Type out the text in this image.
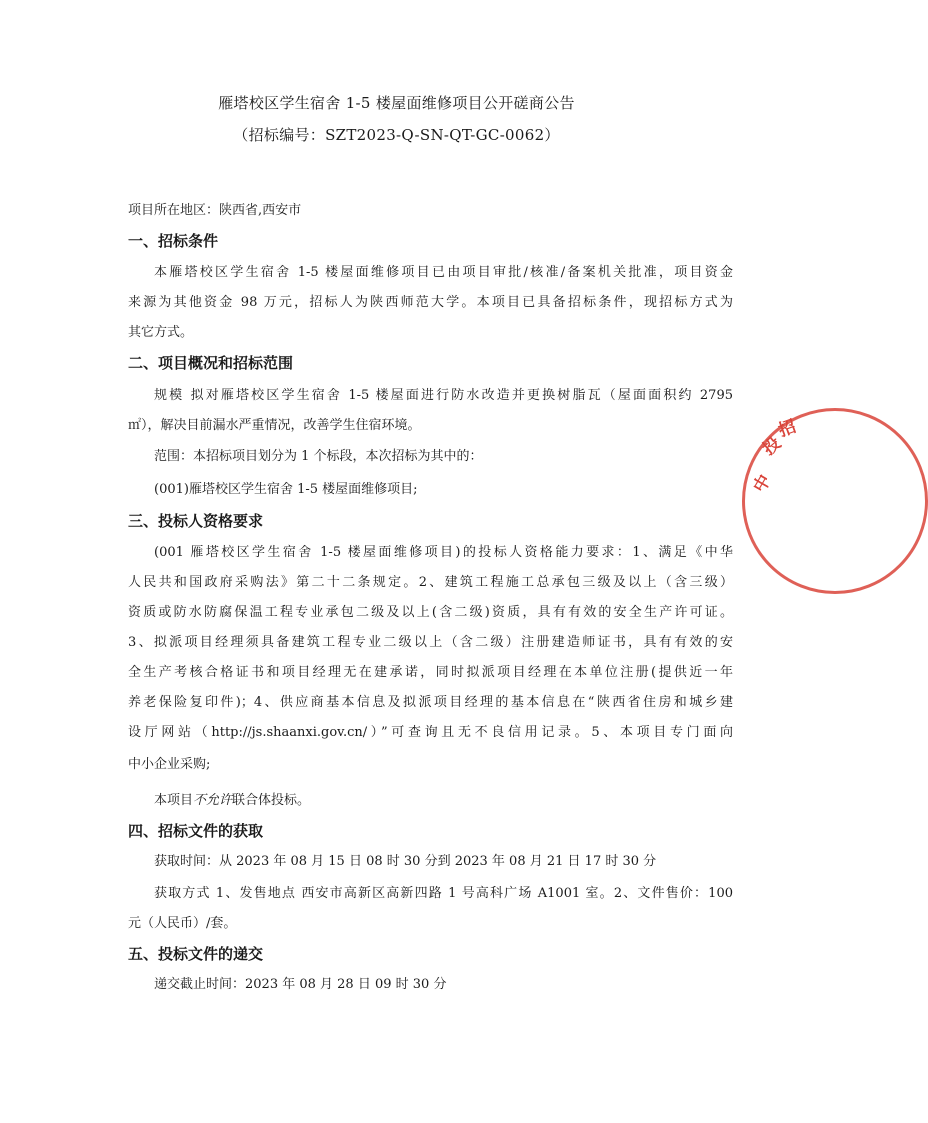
雁塔校区学生宿舍 1-5 楼屋面维修项目公开磋商公告
（招标编号：SZT2023-Q-SN-QT-GC-0062）
项目所在地区：陕西省,西安市
一、招标条件
本雁塔校区学生宿舍 1-5 楼屋面维修项目已由项目审批/核准/备案机关批准，项目资金
来源为其他资金 98 万元，招标人为陕西师范大学。本项目已具备招标条件，现招标方式为
其它方式。
二、项目概况和招标范围
规模 拟对雁塔校区学生宿舍 1-5 楼屋面进行防水改造并更换树脂瓦（屋面面积约 2795
㎡），解决目前漏水严重情况，改善学生住宿环境。
范围：本招标项目划分为 1 个标段，本次招标为其中的：
(001)雁塔校区学生宿舍 1-5 楼屋面维修项目;
三、投标人资格要求
(001 雁塔校区学生宿舍 1-5 楼屋面维修项目)的投标人资格能力要求：1、满足《中华
人民共和国政府采购法》第二十二条规定。2、建筑工程施工总承包三级及以上（含三级）
资质或防水防腐保温工程专业承包二级及以上(含二级)资质，具有有效的安全生产许可证。
3、拟派项目经理须具备建筑工程专业二级以上（含二级）注册建造师证书，具有有效的安
全生产考核合格证书和项目经理无在建承诺，同时拟派项目经理在本单位注册(提供近一年
养老保险复印件)；4、供应商基本信息及拟派项目经理的基本信息在“陕西省住房和城乡建
设厅网站（http://js.shaanxi.gov.cn/）”可查询且无不良信用记录。5、本项目专门面向
中小企业采购;
本项目不允许联合体投标。
四、招标文件的获取
获取时间：从 2023 年 08 月 15 日 08 时 30 分到 2023 年 08 月 21 日 17 时 30 分
获取方式 1、发售地点 西安市高新区高新四路 1 号高科广场 A1001 室。2、文件售价：100
元（人民币）/套。
五、投标文件的递交
递交截止时间：2023 年 08 月 28 日 09 时 30 分
中
投
招
